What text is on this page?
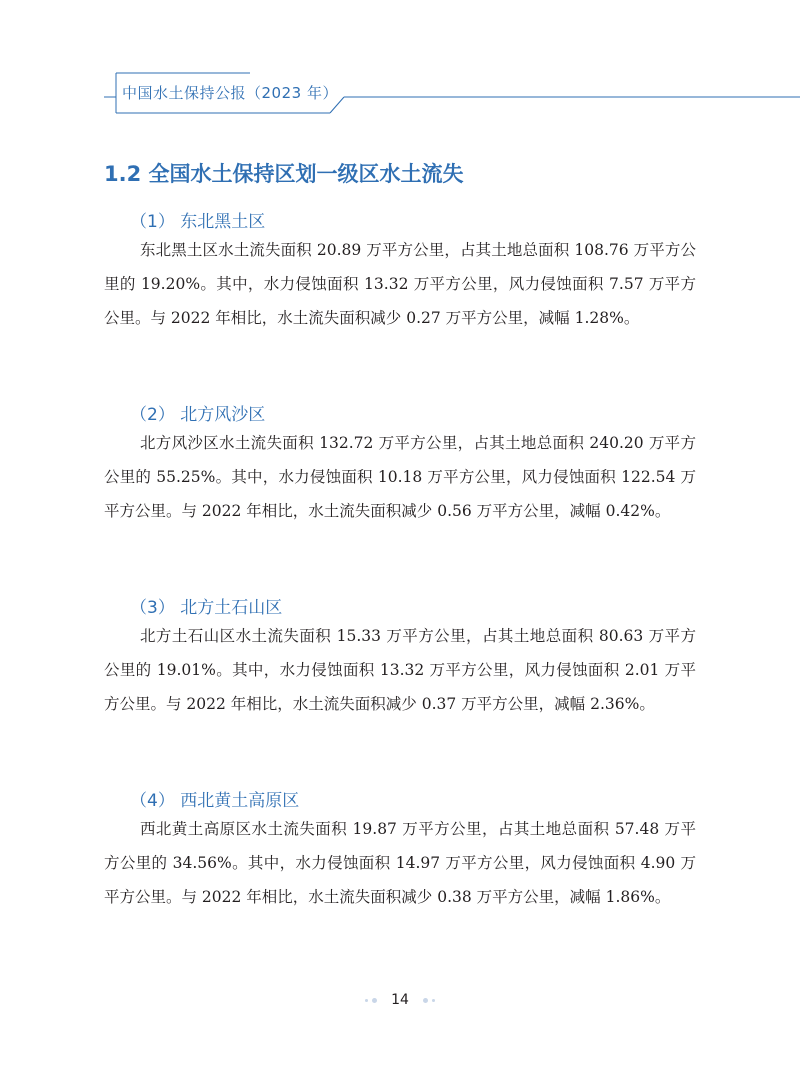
中国水土保持公报（2023 年）
1.2 全国水土保持区划一级区水土流失
（1） 东北黑土区

东北黑土区水土流失面积 20.89 万平方公里，占其土地总面积 108.76 万平方公里的 19.20%。其中，水力侵蚀面积 13.32 万平方公里，风力侵蚀面积 7.57 万平方公里。与 2022 年相比，水土流失面积减少 0.27 万平方公里，减幅 1.28%。

（2） 北方风沙区

北方风沙区水土流失面积 132.72 万平方公里，占其土地总面积 240.20 万平方公里的 55.25%。其中，水力侵蚀面积 10.18 万平方公里，风力侵蚀面积 122.54 万平方公里。与 2022 年相比，水土流失面积减少 0.56 万平方公里，减幅 0.42%。

（3） 北方土石山区

北方土石山区水土流失面积 15.33 万平方公里，占其土地总面积 80.63 万平方公里的 19.01%。其中，水力侵蚀面积 13.32 万平方公里，风力侵蚀面积 2.01 万平方公里。与 2022 年相比，水土流失面积减少 0.37 万平方公里，减幅 2.36%。

（4） 西北黄土高原区

西北黄土高原区水土流失面积 19.87 万平方公里，占其土地总面积 57.48 万平方公里的 34.56%。其中，水力侵蚀面积 14.97 万平方公里，风力侵蚀面积 4.90 万平方公里。与 2022 年相比，水土流失面积减少 0.38 万平方公里，减幅 1.86%。

14
